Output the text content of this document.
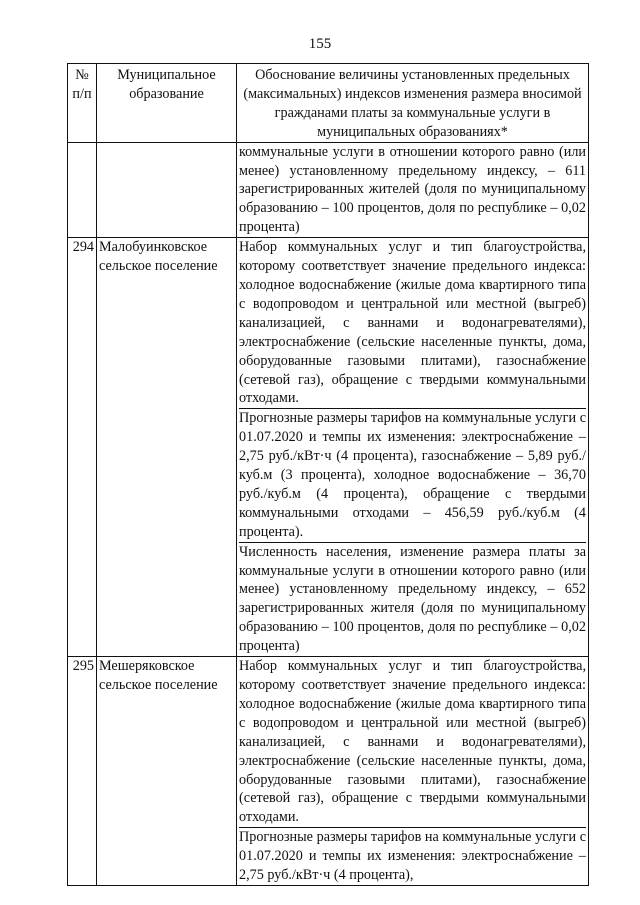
155
№ п/п	Муниципальное образование	Обоснование величины установленных предельных (максимальных) индексов изменения размера вносимой гражданами платы за коммунальные услуги в муниципальных образованиях*

		коммунальные услуги в отношении которого равно (или менее) установленному предельному индексу, – 611 зарегистрированных жителей (доля по муниципальному образованию – 100 процентов, доля по республике – 0,02 процента)

294	Малобуинковское сельское поселение	Набор коммунальных услуг и тип благоустройства, которому соответствует значение предельного индекса: холодное водоснабжение (жилые дома квартирного типа с водопроводом и центральной или местной (выгреб) канализацией, с ваннами и водонагревателями), электроснабжение (сельские населенные пункты, дома, оборудованные газовыми плитами), газоснабжение (сетевой газ), обращение с твердыми коммунальными отходами.
Прогнозные размеры тарифов на коммунальные услуги с 01.07.2020 и темпы их изменения: электроснабжение – 2,75 руб./кВт·ч (4 процента), газоснабжение – 5,89 руб./куб.м (3 процента), холодное водоснабжение – 36,70 руб./куб.м (4 процента), обращение с твердыми коммунальными отходами – 456,59 руб./куб.м (4 процента).
Численность населения, изменение размера платы за коммунальные услуги в отношении которого равно (или менее) установленному предельному индексу, – 652 зарегистрированных жителя (доля по муниципальному образованию – 100 процентов, доля по республике – 0,02 процента)

295	Мешеряковское сельское поселение	Набор коммунальных услуг и тип благоустройства, которому соответствует значение предельного индекса: холодное водоснабжение (жилые дома квартирного типа с водопроводом и центральной или местной (выгреб) канализацией, с ваннами и водонагревателями), электроснабжение (сельские населенные пункты, дома, оборудованные газовыми плитами), газоснабжение (сетевой газ), обращение с твердыми коммунальными отходами.
Прогнозные размеры тарифов на коммунальные услуги с 01.07.2020 и темпы их изменения: электроснабжение – 2,75 руб./кВт·ч (4 процента),
